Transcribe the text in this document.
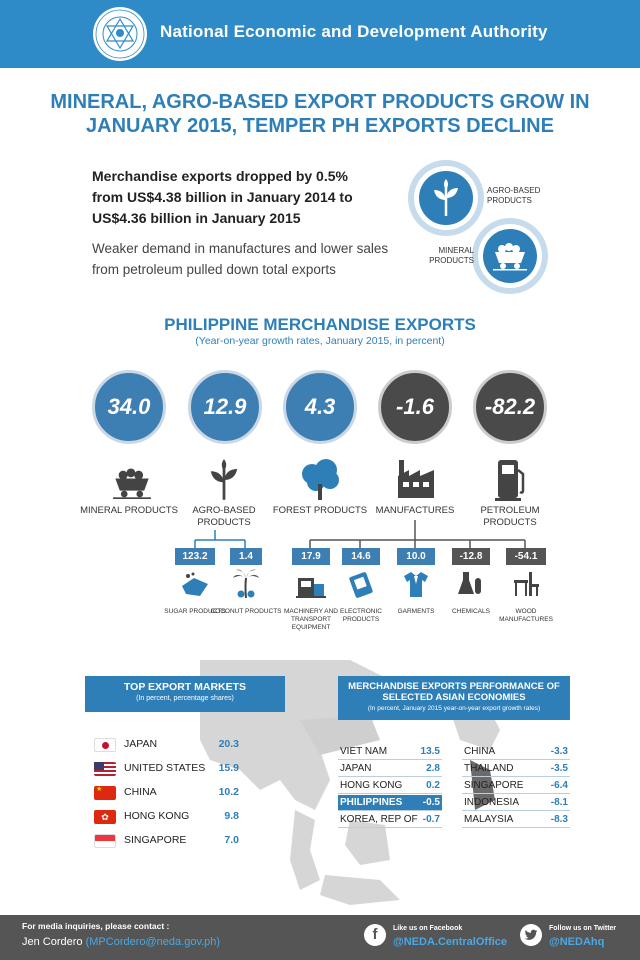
National Economic and Development Authority
MINERAL, AGRO-BASED EXPORT PRODUCTS GROW IN JANUARY 2015, TEMPER PH EXPORTS DECLINE
Merchandise exports dropped by 0.5% from US$4.38 billion in January 2014 to US$4.36 billion in January 2015
Weaker demand in manufactures and lower sales from petroleum pulled down total exports
AGRO-BASED PRODUCTS
MINERAL PRODUCTS
PHILIPPINE MERCHANDISE EXPORTS
(Year-on-year growth rates, January 2015, in percent)
34.0	12.9	4.3	-1.6	-82.2
MINERAL PRODUCTS	AGRO-BASED PRODUCTS
FOREST PRODUCTS MANUFACTURES	PETROLEUM PRODUCTS
123.2	1.4	17.9	14.6	10.0	-12.8	-54.1
SUGAR PRODUCTS
COCONUT PRODUCTS MACHINERY AND TRANSPORT EQUIPMENT
ELECTRONIC PRODUCTS
GARMENTS	CHEMICALS	WOOD MANUFACTURES
TOP EXPORT MARKETS
(In percent, percentage shares)
JAPAN	20.3
UNITED STATES 15.9
★	CHINA	10.2
✿	HONG KONG	9.8
SINGAPORE	7.0
MERCHANDISE EXPORTS PERFORMANCE OF SELECTED ASIAN ECONOMIES
(In percent, January 2015 year-on-year export growth rates)
VIET NAM	13.5
JAPAN	2.8
HONG KONG 0.2
PHILIPPINES -0.5
KOREA, REP OF -0.7
CHINA	-3.3
THAILAND	-3.5
SINGAPORE	-6.4
INDONESIA	-8.1
MALAYSIA	-8.3
For media inquiries, please contact :
Jen Cordero (MPCordero@neda.gov.ph)	f	Like us on Facebook
@NEDA.CentralOffice
Follow us on Twitter
@NEDAhq
